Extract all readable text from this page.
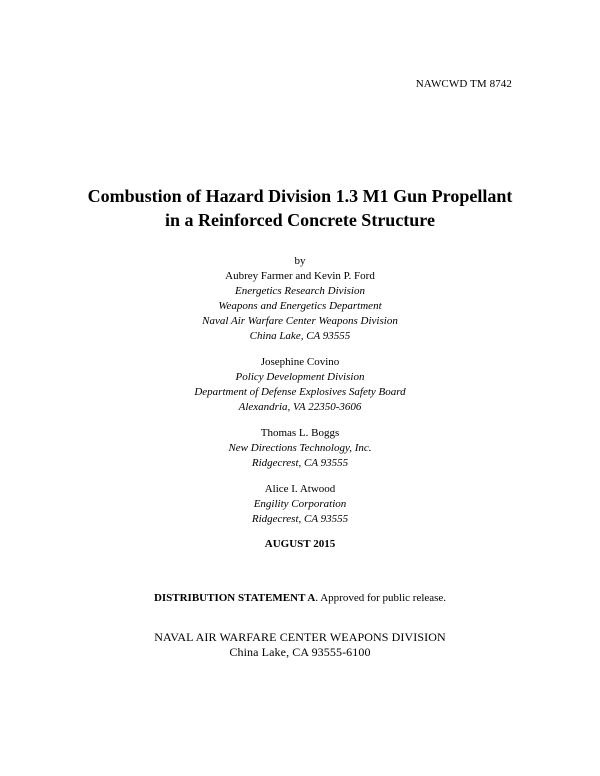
NAWCWD TM 8742
Combustion of Hazard Division 1.3 M1 Gun Propellant
in a Reinforced Concrete Structure
by
Aubrey Farmer and Kevin P. Ford
Energetics Research Division
Weapons and Energetics Department
Naval Air Warfare Center Weapons Division
China Lake, CA 93555
Josephine Covino
Policy Development Division
Department of Defense Explosives Safety Board
Alexandria, VA 22350-3606
Thomas L. Boggs
New Directions Technology, Inc.
Ridgecrest, CA 93555
Alice I. Atwood
Engility Corporation
Ridgecrest, CA 93555
AUGUST 2015
DISTRIBUTION STATEMENT A. Approved for public release.
NAVAL AIR WARFARE CENTER WEAPONS DIVISION
China Lake, CA 93555-6100
